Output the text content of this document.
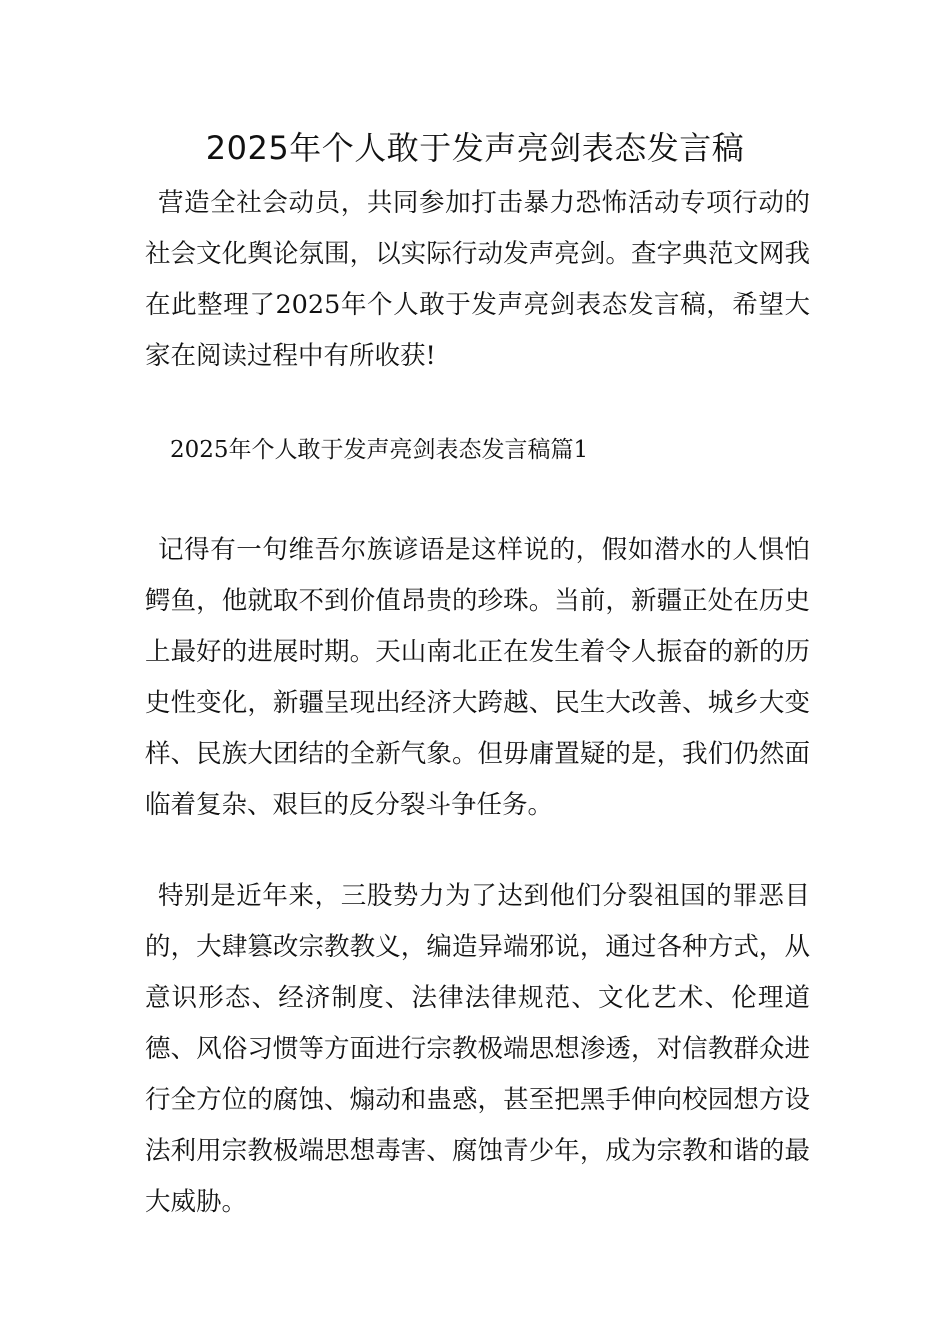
2025年个人敢于发声亮剑表态发言稿

营造全社会动员，共同参加打击暴力恐怖活动专项行动的社会文化舆论氛围，以实际行动发声亮剑。查字典范文网我在此整理了2025年个人敢于发声亮剑表态发言稿，希望大家在阅读过程中有所收获!

2025年个人敢于发声亮剑表态发言稿篇1

记得有一句维吾尔族谚语是这样说的，假如潜水的人惧怕鳄鱼，他就取不到价值昂贵的珍珠。当前，新疆正处在历史上最好的进展时期。天山南北正在发生着令人振奋的新的历史性变化，新疆呈现出经济大跨越、民生大改善、城乡大变样、民族大团结的全新气象。但毋庸置疑的是，我们仍然面临着复杂、艰巨的反分裂斗争任务。

特别是近年来，三股势力为了达到他们分裂祖国的罪恶目的，大肆篡改宗教教义，编造异端邪说，通过各种方式，从意识形态、经济制度、法律法律规范、文化艺术、伦理道德、风俗习惯等方面进行宗教极端思想渗透，对信教群众进行全方位的腐蚀、煽动和蛊惑，甚至把黑手伸向校园想方设法利用宗教极端思想毒害、腐蚀青少年，成为宗教和谐的最大威胁。
